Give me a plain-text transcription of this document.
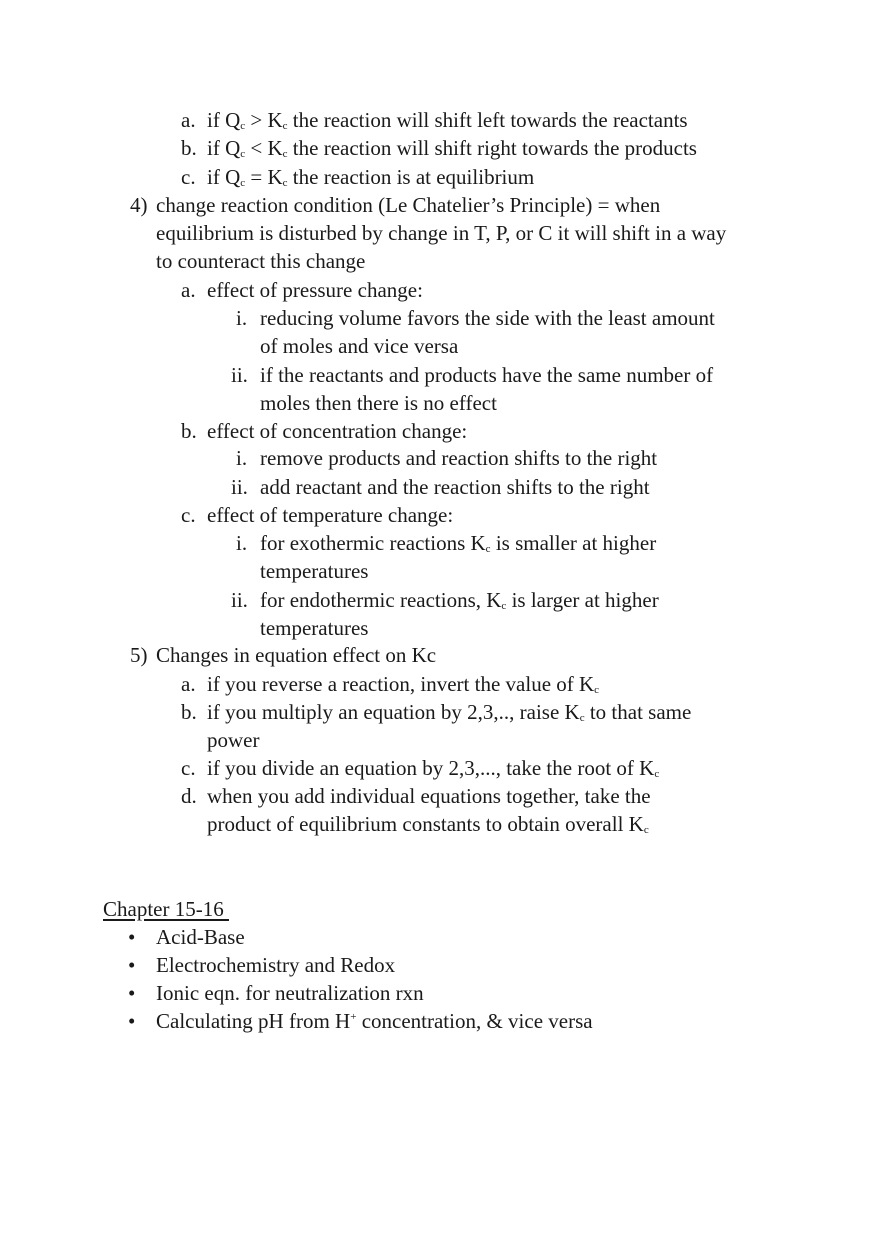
a. if $Q_c > K_c$ the reaction will shift left towards the reactants
b. if $Q_c < K_c$ the reaction will shift right towards the products
c. if $Q_c = K_c$ the reaction is at equilibrium
4) change reaction condition (Le Chatelier’s Principle) = when
equilibrium is disturbed by change in T, P, or C it will shift in a way
to counteract this change
a. effect of pressure change:
i. reducing volume favors the side with the least amount
of moles and vice versa
ii. if the reactants and products have the same number of
moles then there is no effect
b. effect of concentration change:
i. remove products and reaction shifts to the right
ii. add reactant and the reaction shifts to the right
c. effect of temperature change:
i. for exothermic reactions $K_c$ is smaller at higher
temperatures
ii. for endothermic reactions, $K_c$ is larger at higher
temperatures
5) Changes in equation effect on Kc
a. if you reverse a reaction, invert the value of $K_c$
b. if you multiply an equation by 2,3,.., raise $K_c$ to that same
power
c. if you divide an equation by 2,3,..., take the root of $K_c$
d. when you add individual equations together, take the
product of equilibrium constants to obtain overall $K_c$
Chapter 15-16
• Acid-Base
• Electrochemistry and Redox
• Ionic eqn. for neutralization rxn
• Calculating pH from H+ concentration, & vice versa
